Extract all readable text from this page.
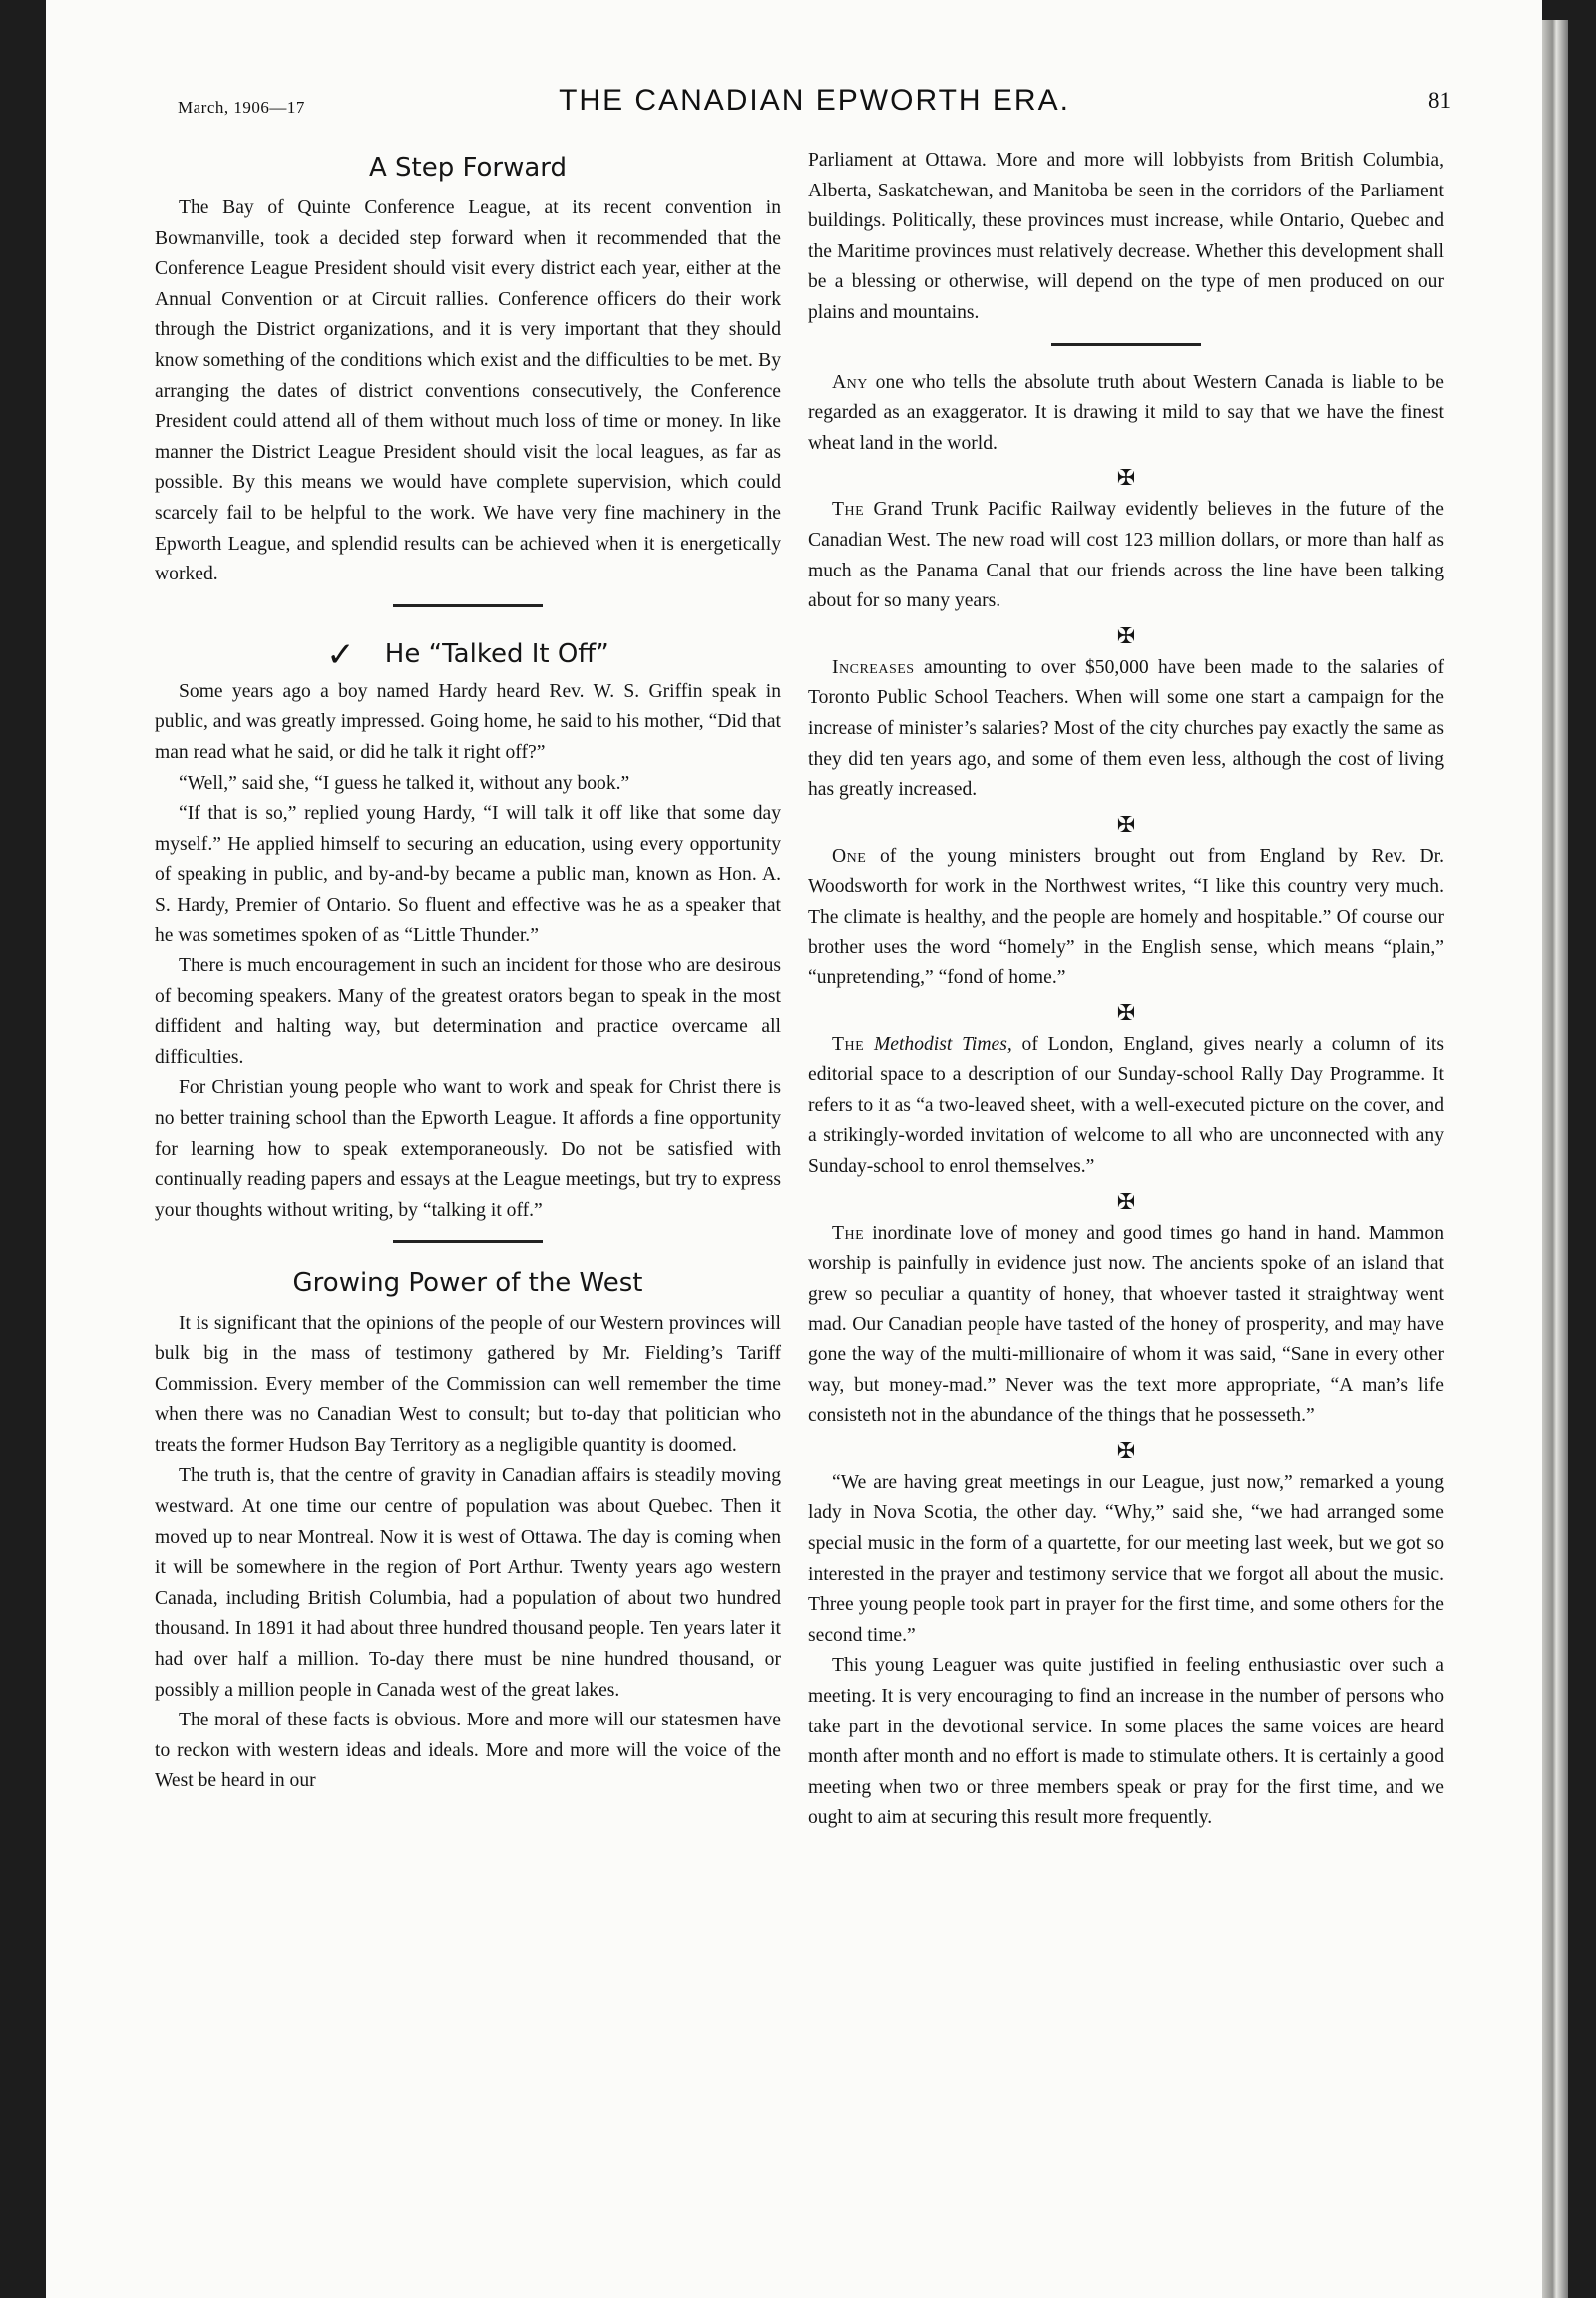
March, 1906—17	THE CANADIAN EPWORTH ERA.	81
A Step Forward

The Bay of Quinte Conference League, at its recent convention in Bowmanville, took a decided step forward when it recommended that the Conference League President should visit every district each year, either at the Annual Convention or at Circuit rallies. Conference officers do their work through the District organizations, and it is very important that they should know something of the conditions which exist and the difficulties to be met. By arranging the dates of district conventions consecutively, the Conference President could attend all of them without much loss of time or money. In like manner the District League President should visit the local leagues, as far as possible. By this means we would have complete supervision, which could scarcely fail to be helpful to the work. We have very fine machinery in the Epworth League, and splendid results can be achieved when it is energetically worked.

✓ He “Talked It Off”

Some years ago a boy named Hardy heard Rev. W. S. Griffin speak in public, and was greatly impressed. Going home, he said to his mother, “Did that man read what he said, or did he talk it right off?”

“Well,” said she, “I guess he talked it, without any book.”

“If that is so,” replied young Hardy, “I will talk it off like that some day myself.” He applied himself to securing an education, using every opportunity of speaking in public, and by-and-by became a public man, known as Hon. A. S. Hardy, Premier of Ontario. So fluent and effective was he as a speaker that he was sometimes spoken of as “Little Thunder.”

There is much encouragement in such an incident for those who are desirous of becoming speakers. Many of the greatest orators began to speak in the most diffident and halting way, but determination and practice overcame all difficulties.

For Christian young people who want to work and speak for Christ there is no better training school than the Epworth League. It affords a fine opportunity for learning how to speak extemporaneously. Do not be satisfied with continually reading papers and essays at the League meetings, but try to express your thoughts without writing, by “talking it off.”

Growing Power of the West

It is significant that the opinions of the people of our Western provinces will bulk big in the mass of testimony gathered by Mr. Fielding’s Tariff Commission. Every member of the Commission can well remember the time when there was no Canadian West to consult; but to-day that politician who treats the former Hudson Bay Territory as a negligible quantity is doomed.

The truth is, that the centre of gravity in Canadian affairs is steadily moving westward. At one time our centre of population was about Quebec. Then it moved up to near Montreal. Now it is west of Ottawa. The day is coming when it will be somewhere in the region of Port Arthur. Twenty years ago western Canada, including British Columbia, had a population of about two hundred thousand. In 1891 it had about three hundred thousand people. Ten years later it had over half a million. To-day there must be nine hundred thousand, or possibly a million people in Canada west of the great lakes.

The moral of these facts is obvious. More and more will our statesmen have to reckon with western ideas and ideals. More and more will the voice of the West be heard in our

Parliament at Ottawa. More and more will lobbyists from British Columbia, Alberta, Saskatchewan, and Manitoba be seen in the corridors of the Parliament buildings. Politically, these provinces must increase, while Ontario, Quebec and the Maritime provinces must relatively decrease. Whether this development shall be a blessing or otherwise, will depend on the type of men produced on our plains and mountains.

Any one who tells the absolute truth about Western Canada is liable to be regarded as an exaggerator. It is drawing it mild to say that we have the finest wheat land in the world.

✠

The Grand Trunk Pacific Railway evidently believes in the future of the Canadian West. The new road will cost 123 million dollars, or more than half as much as the Panama Canal that our friends across the line have been talking about for so many years.

✠

Increases amounting to over $50,000 have been made to the salaries of Toronto Public School Teachers. When will some one start a campaign for the increase of minister’s salaries? Most of the city churches pay exactly the same as they did ten years ago, and some of them even less, although the cost of living has greatly increased.

✠

One of the young ministers brought out from England by Rev. Dr. Woodsworth for work in the Northwest writes, “I like this country very much. The climate is healthy, and the people are homely and hospitable.” Of course our brother uses the word “homely” in the English sense, which means “plain,” “unpretending,” “fond of home.”

✠

The Methodist Times, of London, England, gives nearly a column of its editorial space to a description of our Sunday-school Rally Day Programme. It refers to it as “a two-leaved sheet, with a well-executed picture on the cover, and a strikingly-worded invitation of welcome to all who are unconnected with any Sunday-school to enrol themselves.”

✠

The inordinate love of money and good times go hand in hand. Mammon worship is painfully in evidence just now. The ancients spoke of an island that grew so peculiar a quantity of honey, that whoever tasted it straightway went mad. Our Canadian people have tasted of the honey of prosperity, and may have gone the way of the multi-millionaire of whom it was said, “Sane in every other way, but money-mad.” Never was the text more appropriate, “A man’s life consisteth not in the abundance of the things that he possesseth.”

✠

“We are having great meetings in our League, just now,” remarked a young lady in Nova Scotia, the other day. “Why,” said she, “we had arranged some special music in the form of a quartette, for our meeting last week, but we got so interested in the prayer and testimony service that we forgot all about the music. Three young people took part in prayer for the first time, and some others for the second time.”

This young Leaguer was quite justified in feeling enthusiastic over such a meeting. It is very encouraging to find an increase in the number of persons who take part in the devotional service. In some places the same voices are heard month after month and no effort is made to stimulate others. It is certainly a good meeting when two or three members speak or pray for the first time, and we ought to aim at securing this result more frequently.
